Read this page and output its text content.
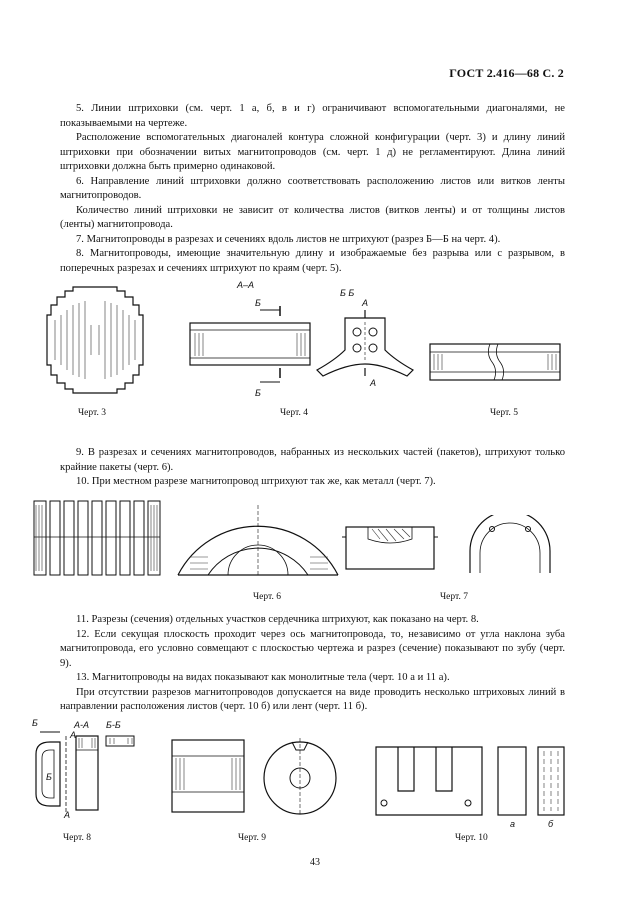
ГОСТ 2.416—68 С. 2

5. Линии штриховки (см. черт. 1 а, б, в и г) ограничивают вспомогательными диагоналями, не показываемыми на чертеже.

Расположение вспомогательных диагоналей контура сложной конфигурации (черт. 3) и длину линий штриховки при обозначении витых магнитопроводов (см. черт. 1 д) не регламентируют. Длина линий штриховки должна быть примерно одинаковой.

6. Направление линий штриховки должно соответствовать расположению листов или витков ленты магнитопроводов.

Количество линий штриховки не зависит от количества листов (витков ленты) и от толщины листов (ленты) магнитопровода.

7. Магнитопроводы в разрезах и сечениях вдоль листов не штрихуют (разрез Б—Б на черт. 4).

8. Магнитопроводы, имеющие значительную длину и изображаемые без разрыва или с разрывом, в поперечных разрезах и сечениях штрихуют по краям (черт. 5).

Черт. 3
А–А
Б
Б
Б Б
А
А
Черт. 4	Черт. 5

9. В разрезах и сечениях магнитопроводов, набранных из нескольких частей (пакетов), штрихуют только крайние пакеты (черт. 6).

10. При местном разрезе магнитопровод штрихуют так же, как металл (черт. 7).

Черт. 6	Черт. 7

11. Разрезы (сечения) отдельных участков сердечника штрихуют, как показано на черт. 8.

12. Если секущая плоскость проходит через ось магнитопровода, то, независимо от угла наклона зуба магнитопровода, его условно совмещают с плоскостью чертежа и разрез (сечение) показывают по зубу (черт. 9).

13. Магнитопроводы на видах показывают как монолитные тела (черт. 10 а и 11 а).

При отсутствии разрезов магнитопроводов допускается на виде проводить несколько штриховых линий в направлении расположения листов (черт. 10 б) или лент (черт. 11 б).

Б	А-А Б-Б
Б
А
А
Черт. 8	Черт. 9
а	б
Черт. 10
43
